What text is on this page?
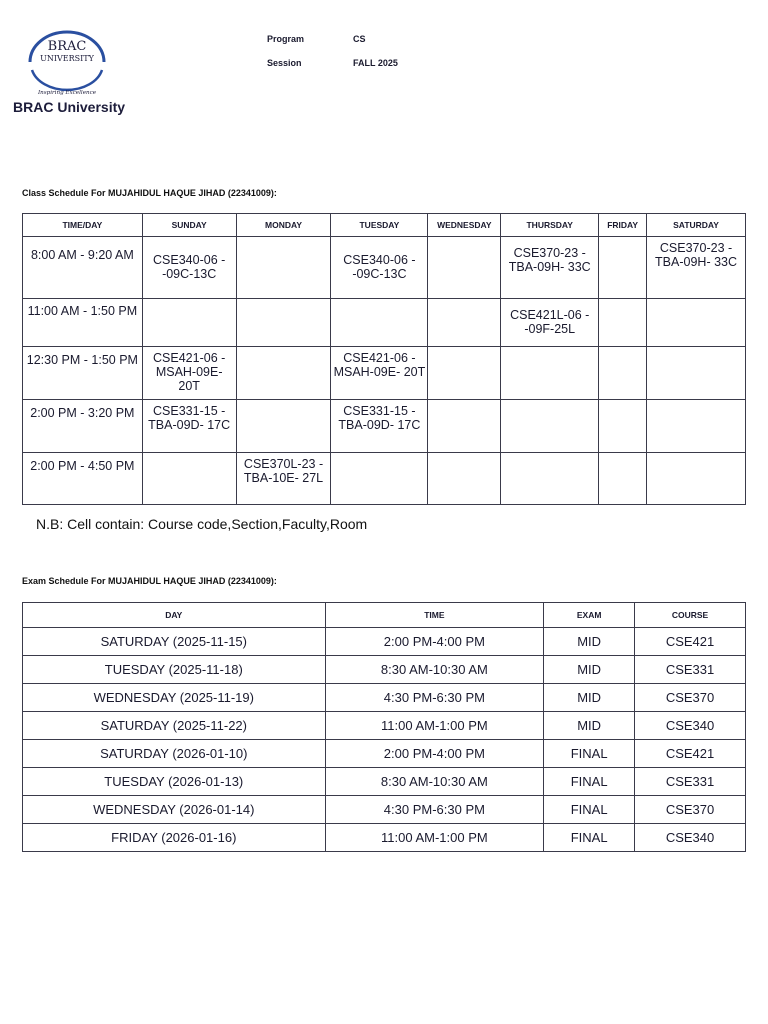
BRAC
UNIVERSITY
Inspiring Excellence
BRAC University
Program	CS
Session	FALL 2025
Class Schedule For MUJAHIDUL HAQUE JIHAD (22341009):
TIME/DAY	SUNDAY	MONDAY	TUESDAY	WEDNESDAY	THURSDAY	FRIDAY	SATURDAY
8:00 AM - 9:20 AM	CSE340-06 - -09C-13C		CSE340-06 - -09C-13C		CSE370-23 - TBA-09H- 33C		CSE370-23 - TBA-09H- 33C
11:00 AM - 1:50 PM					CSE421L-06 --09F-25L		
12:30 PM - 1:50 PM	CSE421-06 - MSAH-09E- 20T		CSE421-06 - MSAH-09E- 20T				
2:00 PM - 3:20 PM	CSE331-15 - TBA-09D- 17C		CSE331-15 - TBA-09D- 17C				
2:00 PM - 4:50 PM		CSE370L-23 -TBA-10E- 27L					
N.B: Cell contain: Course code,Section,Faculty,Room
Exam Schedule For MUJAHIDUL HAQUE JIHAD (22341009):
DAY	TIME	EXAM	COURSE
SATURDAY (2025-11-15)	2:00 PM-4:00 PM	MID	CSE421
TUESDAY (2025-11-18)	8:30 AM-10:30 AM	MID	CSE331
WEDNESDAY (2025-11-19)	4:30 PM-6:30 PM	MID	CSE370
SATURDAY (2025-11-22)	11:00 AM-1:00 PM	MID	CSE340
SATURDAY (2026-01-10)	2:00 PM-4:00 PM	FINAL	CSE421
TUESDAY (2026-01-13)	8:30 AM-10:30 AM	FINAL	CSE331
WEDNESDAY (2026-01-14)	4:30 PM-6:30 PM	FINAL	CSE370
FRIDAY (2026-01-16)	11:00 AM-1:00 PM	FINAL	CSE340
